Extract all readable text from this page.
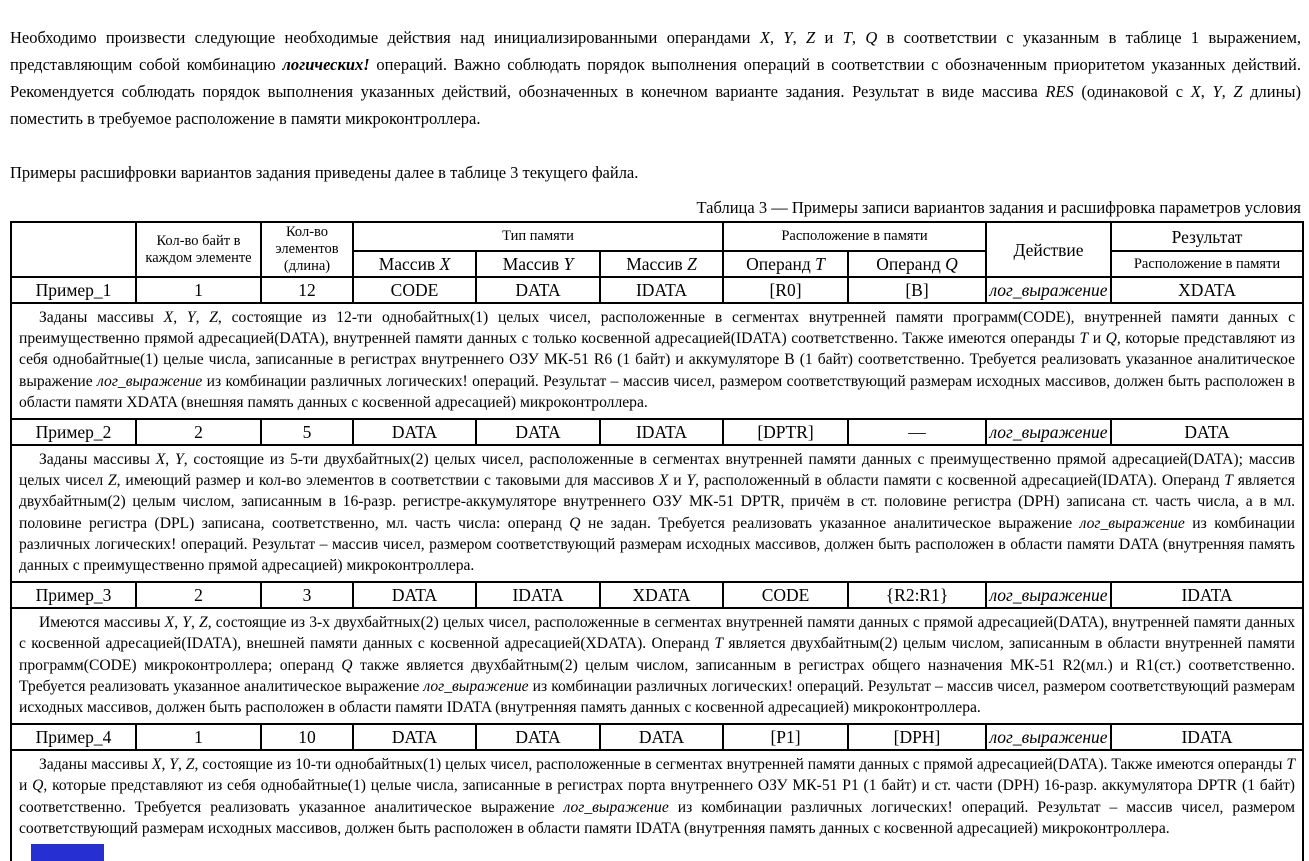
Необходимо произвести следующие необходимые действия над инициализированными операндами X, Y, Z и T, Q в соответствии с указанным в таблице 1 выражением, представляющим собой комбинацию логических! операций. Важно соблюдать порядок выполнения операций в соответствии с обозначенным приоритетом указанных действий. Рекомендуется соблюдать порядок выполнения указанных действий, обозначенных в конечном варианте задания. Результат в виде массива RES (одинаковой с X, Y, Z длины) поместить в требуемое расположение в памяти микроконтроллера.

Примеры расшифровки вариантов задания приведены далее в таблице 3 текущего файла.

Таблица 3 — Примеры записи вариантов задания и расшифровка параметров условия
	Кол-во байт в каждом элементе	Кол-во элементов (длина)	Тип памяти			Расположение в памяти		Действие	Результат
			Массив X	Массив Y	Массив Z	Операнд T	Операнд Q		Расположение в памяти
Пример_1	1	12	CODE	DATA	IDATA	[R0]	[B]	лог_выражение	XDATA
Заданы массивы X, Y, Z, состоящие из 12-ти однобайтных(1) целых чисел, расположенные в сегментах внутренней памяти программ(CODE), внутренней памяти данных с преимущественно прямой адресацией(DATA), внутренней памяти данных с только косвенной адресацией(IDATA) соответственно. Также имеются операнды T и Q, которые представляют из себя однобайтные(1) целые числа, записанные в регистрах внутреннего ОЗУ МК-51 R6 (1 байт) и аккумуляторе B (1 байт) соответственно. Требуется реализовать указанное аналитическое выражение лог_выражение из комбинации различных логических! операций. Результат – массив чисел, размером соответствующий размерам исходных массивов, должен быть расположен в области памяти XDATA (внешняя память данных с косвенной адресацией) микроконтроллера.									
Пример_2	2	5	DATA	DATA	IDATA	[DPTR]	—	лог_выражение	DATA
Заданы массивы X, Y, состоящие из 5-ти двухбайтных(2) целых чисел, расположенные в сегментах внутренней памяти данных с преимущественно прямой адресацией(DATA); массив целых чисел Z, имеющий размер и кол-во элементов в соответствии с таковыми для массивов X и Y, расположенный в области памяти с косвенной адресацией(IDATA). Операнд T является двухбайтным(2) целым числом, записанным в 16-разр. регистре-аккумуляторе внутреннего ОЗУ МК-51 DPTR, причём в ст. половине регистра (DPH) записана ст. часть числа, а в мл. половине регистра (DPL) записана, соответственно, мл. часть числа: операнд Q не задан. Требуется реализовать указанное аналитическое выражение лог_выражение из комбинации различных логических! операций. Результат – массив чисел, размером соответствующий размерам исходных массивов, должен быть расположен в области памяти DATA (внутренняя память данных с преимущественно прямой адресацией) микроконтроллера.									
Пример_3	2	3	DATA	IDATA	XDATA	CODE	{R2:R1}	лог_выражение	IDATA
Имеются массивы X, Y, Z, состоящие из 3-х двухбайтных(2) целых чисел, расположенные в сегментах внутренней памяти данных с прямой адресацией(DATA), внутренней памяти данных с косвенной адресацией(IDATA), внешней памяти данных с косвенной адресацией(XDATA). Операнд T является двухбайтным(2) целым числом, записанным в области внутренней памяти программ(CODE) микроконтроллера; операнд Q также является двухбайтным(2) целым числом, записанным в регистрах общего назначения МК-51 R2(мл.) и R1(ст.) соответственно. Требуется реализовать указанное аналитическое выражение лог_выражение из комбинации различных логических! операций. Результат – массив чисел, размером соответствующий размерам исходных массивов, должен быть расположен в области памяти IDATA (внутренняя память данных с косвенной адресацией) микроконтроллера.									
Пример_4	1	10	DATA	DATA	DATA	[P1]	[DPH]	лог_выражение	IDATA
Заданы массивы X, Y, Z, состоящие из 10-ти однобайтных(1) целых чисел, расположенные в сегментах внутренней памяти данных с прямой адресацией(DATA). Также имеются операнды T и Q, которые представляют из себя однобайтные(1) целые числа, записанные в регистрах порта внутреннего ОЗУ МК-51 P1 (1 байт) и ст. части (DPH) 16-разр. аккумулятора DPTR (1 байт) соответственно. Требуется реализовать указанное аналитическое выражение лог_выражение из комбинации различных логических! операций. Результат – массив чисел, размером соответствующий размерам исходных массивов, должен быть расположен в области памяти IDATA (внутренняя память данных с косвенной адресацией) микроконтроллера.									
